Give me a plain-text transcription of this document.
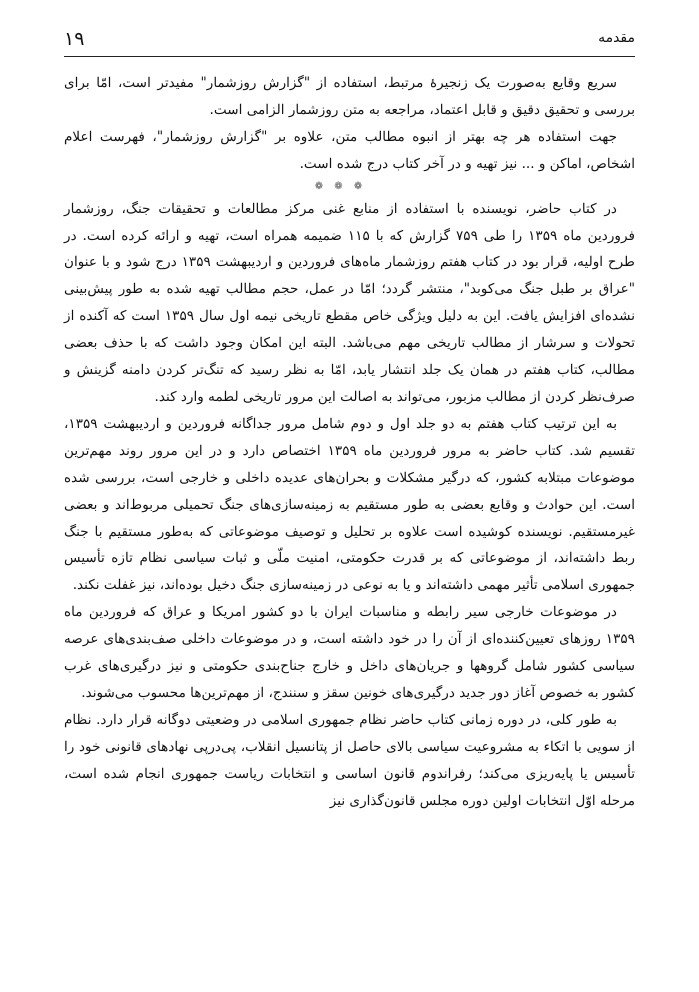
۱۹	مقدمه

سریع وقایع به‌صورت یک زنجیرهٔ مرتبط، استفاده از "گزارش روزشمار" مفیدتر است، امّا برای بررسی و تحقیق دقیق و قابل اعتماد، مراجعه به متن روزشمار الزامی است.

جهت استفاده هر چه بهتر از انبوه مطالب متن، علاوه بر "گزارش روزشمار"، فهرست اعلام اشخاص، اماکن و ... نیز تهیه و در آخر کتاب درج شده است.

❁ ❁ ❁

در کتاب حاضر، نویسنده با استفاده از منابع غنی مرکز مطالعات و تحقیقات جنگ، روزشمار فروردین ماه ۱۳۵۹ را طی ۷۵۹ گزارش که با ۱۱۵ ضمیمه همراه است، تهیه و ارائه کرده است. در طرح اولیه، قرار بود در کتاب هفتم روزشمار ماه‌های فروردین و اردیبهشت ۱۳۵۹ درج شود و با عنوان "عراق بر طبل جنگ می‌کوبد"، منتشر گردد؛ امّا در عمل، حجم مطالب تهیه شده به طور پیش‌بینی نشده‌ای افزایش یافت. این به دلیل ویژگی خاص مقطع تاریخی نیمه اول سال ۱۳۵۹ است که آکنده از تحولات و سرشار از مطالب تاریخی مهم می‌باشد. البته این امکان وجود داشت که با حذف بعضی مطالب، کتاب هفتم در همان یک جلد انتشار یابد، امّا به نظر رسید که تنگ‌تر کردن دامنه گزینش و صرف‌نظر کردن از مطالب مزبور، می‌تواند به اصالت این مرور تاریخی لطمه وارد کند.

به این ترتیب کتاب هفتم به دو جلد اول و دوم شامل مرور جداگانه فروردین و اردیبهشت ۱۳۵۹، تقسیم شد. کتاب حاضر به مرور فروردین ماه ۱۳۵۹ اختصاص دارد و در این مرور روند مهم‌ترین موضوعات مبتلابه کشور، که درگیر مشکلات و بحران‌های عدیده داخلی و خارجی است، بررسی شده است. این حوادث و وقایع بعضی به طور مستقیم به زمینه‌سازی‌های جنگ تحمیلی مربوط‌اند و بعضی غیرمستقیم. نویسنده کوشیده است علاوه بر تحلیل و توصیف موضوعاتی که به‌طور مستقیم با جنگ ربط داشته‌اند، از موضوعاتی که بر قدرت حکومتی، امنیت ملّی و ثبات سیاسی نظام تازه تأسیس جمهوری اسلامی تأثیر مهمی داشته‌اند و یا به نوعی در زمینه‌سازی جنگ دخیل بوده‌اند، نیز غفلت نکند.

در موضوعات خارجی سیر رابطه و مناسبات ایران با دو کشور امریکا و عراق که فروردین ماه ۱۳۵۹ روزهای تعیین‌کننده‌ای از آن را در خود داشته است، و در موضوعات داخلی صف‌بندی‌های عرصه سیاسی کشور شامل گروهها و جریان‌های داخل و خارج جناح‌بندی حکومتی و نیز درگیری‌های غرب کشور به خصوص آغاز دور جدید درگیری‌های خونین سقز و سنندج، از مهم‌ترین‌ها محسوب می‌شوند.

به طور کلی، در دوره زمانی کتاب حاضر نظام جمهوری اسلامی در وضعیتی دوگانه قرار دارد. نظام از سویی با اتکاء به مشروعیت سیاسی بالای حاصل از پتانسیل انقلاب، پی‌درپی نهادهای قانونی خود را تأسیس یا پایه‌ریزی می‌کند؛ رفراندوم قانون اساسی و انتخابات ریاست جمهوری انجام شده است، مرحله اوّل انتخابات اولین دوره مجلس قانون‌گذاری نیز
